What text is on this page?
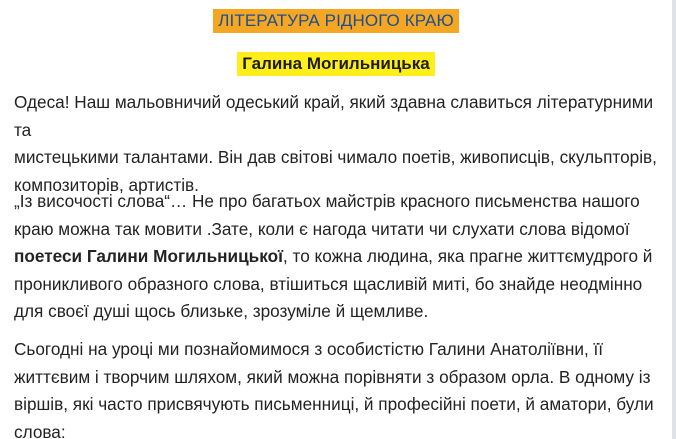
ЛІТЕРАТУРА РІДНОГО КРАЮ
Галина Могильницька

Одеса! Наш мальовничий одеський край, який здавна славиться літературними та
мистецькими талантами. Він дав світові чимало поетів, живописців, скульпторів,
композиторів, артистів.

„Із височості слова“… Не про багатьох майстрів красного письменства нашого
краю можна так мовити .Зате, коли є нагода читати чи слухати слова відомої
поетеси Галини Могильницької, то кожна людина, яка прагне життємудрого й
проникливого образного слова, втішиться щасливій миті, бо знайде неодмінно
для своєї душі щось близьке, зрозуміле й щемливе.

Сьогодні на уроці ми познайомимося з особистістю Галини Анатоліївни, її
життєвим і творчим шляхом, який можна порівняти з образом орла. В одному із
віршів, які часто присвячують письменниці, й професійні поети, й аматори, були
слова:
